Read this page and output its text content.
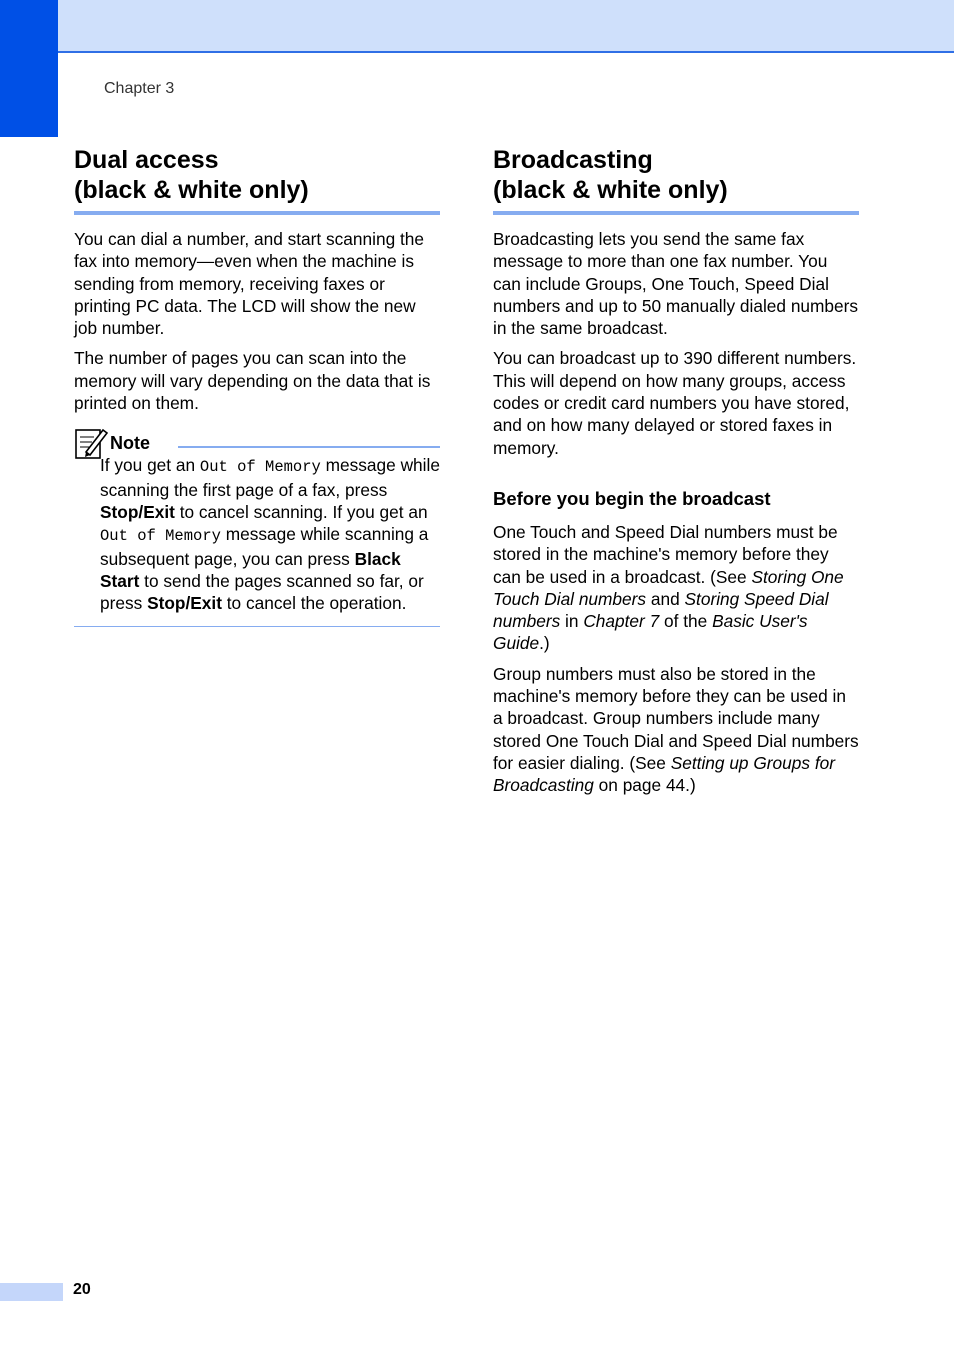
Chapter 3
Dual access
(black & white only)

You can dial a number, and start scanning the fax into memory—even when the machine is sending from memory, receiving faxes or printing PC data. The LCD will show the new job number.

The number of pages you can scan into the memory will vary depending on the data that is printed on them.

Note

If you get an Out of Memory message while scanning the first page of a fax, press Stop/Exit to cancel scanning. If you get an Out of Memory message while scanning a subsequent page, you can press Black Start to send the pages scanned so far, or press Stop/Exit to cancel the operation.

Broadcasting
(black & white only)

Broadcasting lets you send the same fax message to more than one fax number. You can include Groups, One Touch, Speed Dial numbers and up to 50 manually dialed numbers in the same broadcast.

You can broadcast up to 390 different numbers. This will depend on how many groups, access codes or credit card numbers you have stored, and on how many delayed or stored faxes in memory.

Before you begin the broadcast

One Touch and Speed Dial numbers must be stored in the machine's memory before they can be used in a broadcast. (See Storing One Touch Dial numbers and Storing Speed Dial numbers in Chapter 7 of the Basic User's Guide.)

Group numbers must also be stored in the machine's memory before they can be used in a broadcast. Group numbers include many stored One Touch Dial and Speed Dial numbers for easier dialing. (See Setting up Groups for Broadcasting on page 44.)

20
